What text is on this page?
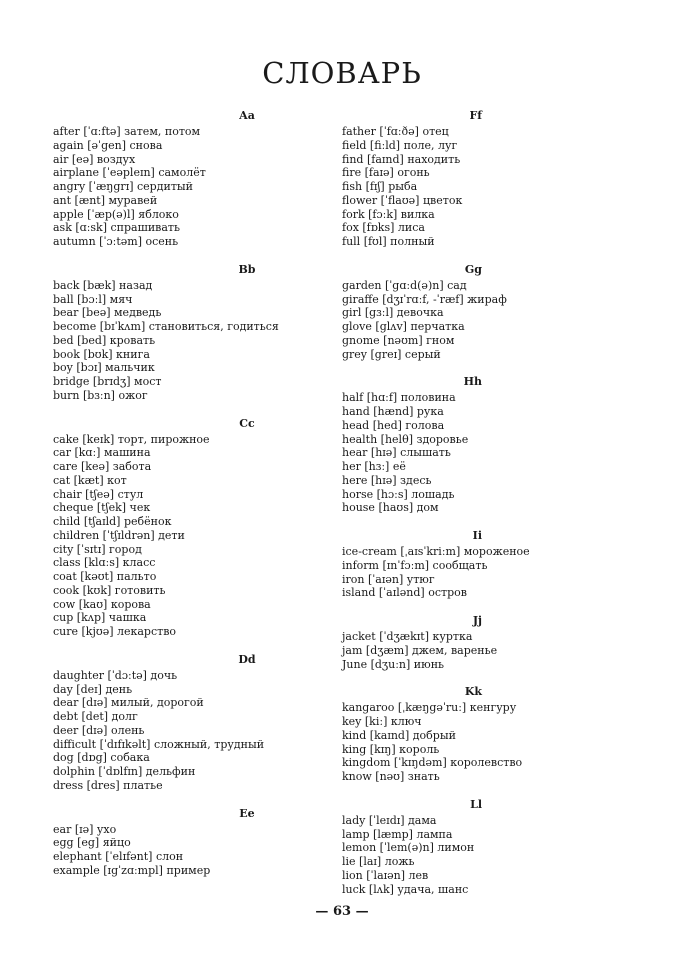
СЛОВАРЬ
Aa
after [ˈɑːftə] затем, потом
again [əˈgen] снова
air [eə] воздух
airplane [ˈeəpleɪn] самолёт
angry [ˈæŋgrɪ] сердитый
ant [ænt] муравей
apple [ˈæp(ə)l] яблоко
ask [ɑːsk] спрашивать
autumn [ˈɔːtəm] осень
Bb
back [bæk] назад
ball [bɔːl] мяч
bear [beə] медведь
become [bɪˈkʌm] становиться, годиться
bed [bed] кровать
book [bʊk] книга
boy [bɔɪ] мальчик
bridge [brɪdʒ] мост
burn [bɜːn] ожог
Cc
cake [keɪk] торт, пирожное
car [kɑː] машина
care [keə] забота
cat [kæt] кот
chair [tʃeə] стул
cheque [tʃek] чек
child [tʃaɪld] ребёнок
children [ˈtʃɪldrən] дети
city [ˈsɪtɪ] город
class [klɑːs] класс
coat [kəʊt] пальто
cook [kʊk] готовить
cow [kaʊ] корова
cup [kʌp] чашка
cure [kjʊə] лекарство
Dd
daughter [ˈdɔːtə] дочь
day [deɪ] день
dear [dɪə] милый, дорогой
debt [det] долг
deer [dɪə] олень
difficult [ˈdɪfɪkəlt] сложный, трудный
dog [dɒg] собака
dolphin [ˈdɒlfɪn] дельфин
dress [dres] платье
Ee
ear [ɪə] ухо
egg [eg] яйцо
elephant [ˈelɪfənt] слон
example [ɪgˈzɑːmpl] пример
Ff
father [ˈfɑːðə] отец
field [fiːld] поле, луг
find [faɪnd] находить
fire [faɪə] огонь
fish [fɪʃ] рыба
flower [ˈflaʊə] цветок
fork [fɔːk] вилка
fox [fɒks] лиса
full [fʊl] полный
Gg
garden [ˈgɑːd(ə)n] сад
giraffe [dʒɪˈrɑːf, -ˈræf] жираф
girl [gɜːl] девочка
glove [glʌv] перчатка
gnome [nəʊm] гном
grey [greɪ] серый
Hh
half [hɑːf] половина
hand [hænd] рука
head [hed] голова
health [helθ] здоровье
hear [hɪə] слышать
her [hɜː] её
here [hɪə] здесь
horse [hɔːs] лошадь
house [haʊs] дом
Ii
ice-cream [ˌaɪsˈkriːm] мороженое
inform [ɪnˈfɔːm] сообщать
iron [ˈaɪən] утюг
island [ˈaɪlənd] остров
Jj
jacket [ˈdʒækɪt] куртка
jam [dʒæm] джем, варенье
June [dʒuːn] июнь
Kk
kangaroo [ˌkæŋgəˈruː] кенгуру
key [kiː] ключ
kind [kaɪnd] добрый
king [kɪŋ] король
kingdom [ˈkɪŋdəm] королевство
know [nəʊ] знать
Ll
lady [ˈleɪdɪ] дама
lamp [læmp] лампа
lemon [ˈlem(ə)n] лимон
lie [laɪ] ложь
lion [ˈlaɪən] лев
luck [lʌk] удача, шанс
— 63 —
